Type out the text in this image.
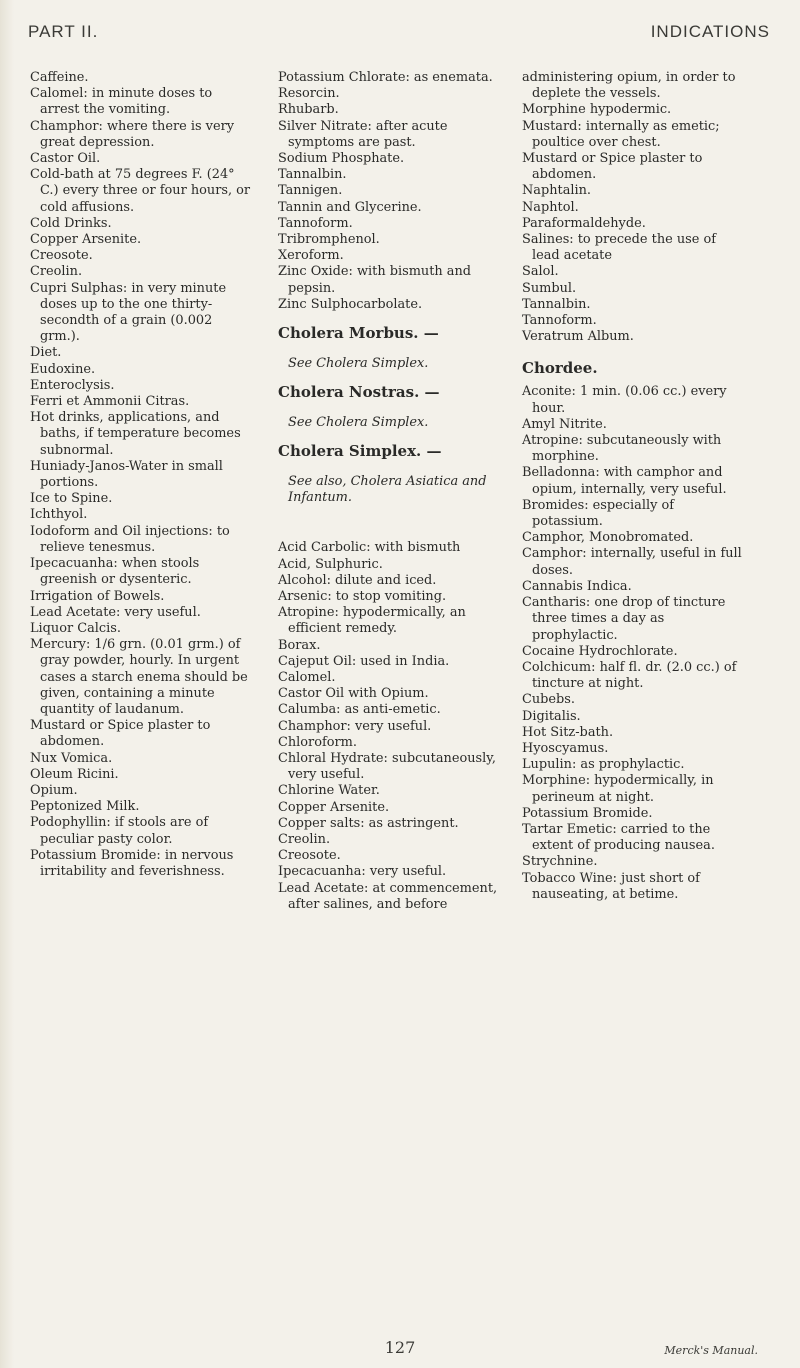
PART II.	INDICATIONS

Caffeine.

Calomel: in minute doses to arrest the vomiting.

Champhor: where there is very great depression.

Castor Oil.

Cold-bath at 75 degrees F. (24° C.) every three or four hours, or cold affusions.

Cold Drinks.

Copper Arsenite.

Creosote.

Creolin.

Cupri Sulphas: in very minute doses up to the one thirty-secondth of a grain (0.002 grm.).

Diet.

Eudoxine.

Enteroclysis.

Ferri et Ammonii Citras.

Hot drinks, applications, and baths, if temperature becomes subnormal.

Huniady-Janos-Water in small portions.

Ice to Spine.

Ichthyol.

Iodoform and Oil injections: to relieve tenesmus.

Ipecacuanha: when stools greenish or dysenteric.

Irrigation of Bowels.

Lead Acetate: very useful.

Liquor Calcis.

Mercury: 1/6 grn. (0.01 grm.) of gray powder, hourly. In urgent cases a starch enema should be given, containing a minute quantity of laudanum.

Mustard or Spice plaster to abdomen.

Nux Vomica.

Oleum Ricini.

Opium.

Peptonized Milk.

Podophyllin: if stools are of peculiar pasty color.

Potassium Bromide: in nervous irritability and feverishness.

Potassium Chlorate: as enemata.

Resorcin.

Rhubarb.

Silver Nitrate: after acute symptoms are past.

Sodium Phosphate.

Tannalbin.

Tannigen.

Tannin and Glycerine.

Tannoform.

Tribromphenol.

Xeroform.

Zinc Oxide: with bismuth and pepsin.

Zinc Sulphocarbolate.

Cholera Morbus. —

See Cholera Simplex.

Cholera Nostras. —

See Cholera Simplex.

Cholera Simplex. —

See also, Cholera Asiatica and Infantum.

Acid Carbolic: with bismuth

Acid, Sulphuric.

Alcohol: dilute and iced.

Arsenic: to stop vomiting.

Atropine: hypodermically, an efficient remedy.

Borax.

Cajeput Oil: used in India.

Calomel.

Castor Oil with Opium.

Calumba: as anti-emetic.

Champhor: very useful.

Chloroform.

Chloral Hydrate: subcutaneously, very useful.

Chlorine Water.

Copper Arsenite.

Copper salts: as astringent.

Creolin.

Creosote.

Ipecacuanha: very useful.

Lead Acetate: at commencement, after salines, and before

administering opium, in order to deplete the vessels.

Morphine hypodermic.

Mustard: internally as emetic; poultice over chest.

Mustard or Spice plaster to abdomen.

Naphtalin.

Naphtol.

Paraformaldehyde.

Salines: to precede the use of lead acetate

Salol.

Sumbul.

Tannalbin.

Tannoform.

Veratrum Album.

Chordee.

Aconite: 1 min. (0.06 cc.) every hour.

Amyl Nitrite.

Atropine: subcutaneously with morphine.

Belladonna: with camphor and opium, internally, very useful.

Bromides: especially of potassium.

Camphor, Monobromated.

Camphor: internally, useful in full doses.

Cannabis Indica.

Cantharis: one drop of tincture three times a day as prophylactic.

Cocaine Hydrochlorate.

Colchicum: half fl. dr. (2.0 cc.) of tincture at night.

Cubebs.

Digitalis.

Hot Sitz-bath.

Hyoscyamus.

Lupulin: as prophylactic.

Morphine: hypodermically, in perineum at night.

Potassium Bromide.

Tartar Emetic: carried to the extent of producing nausea.

Strychnine.

Tobacco Wine: just short of nauseating, at betime.

127	Merck's Manual.
